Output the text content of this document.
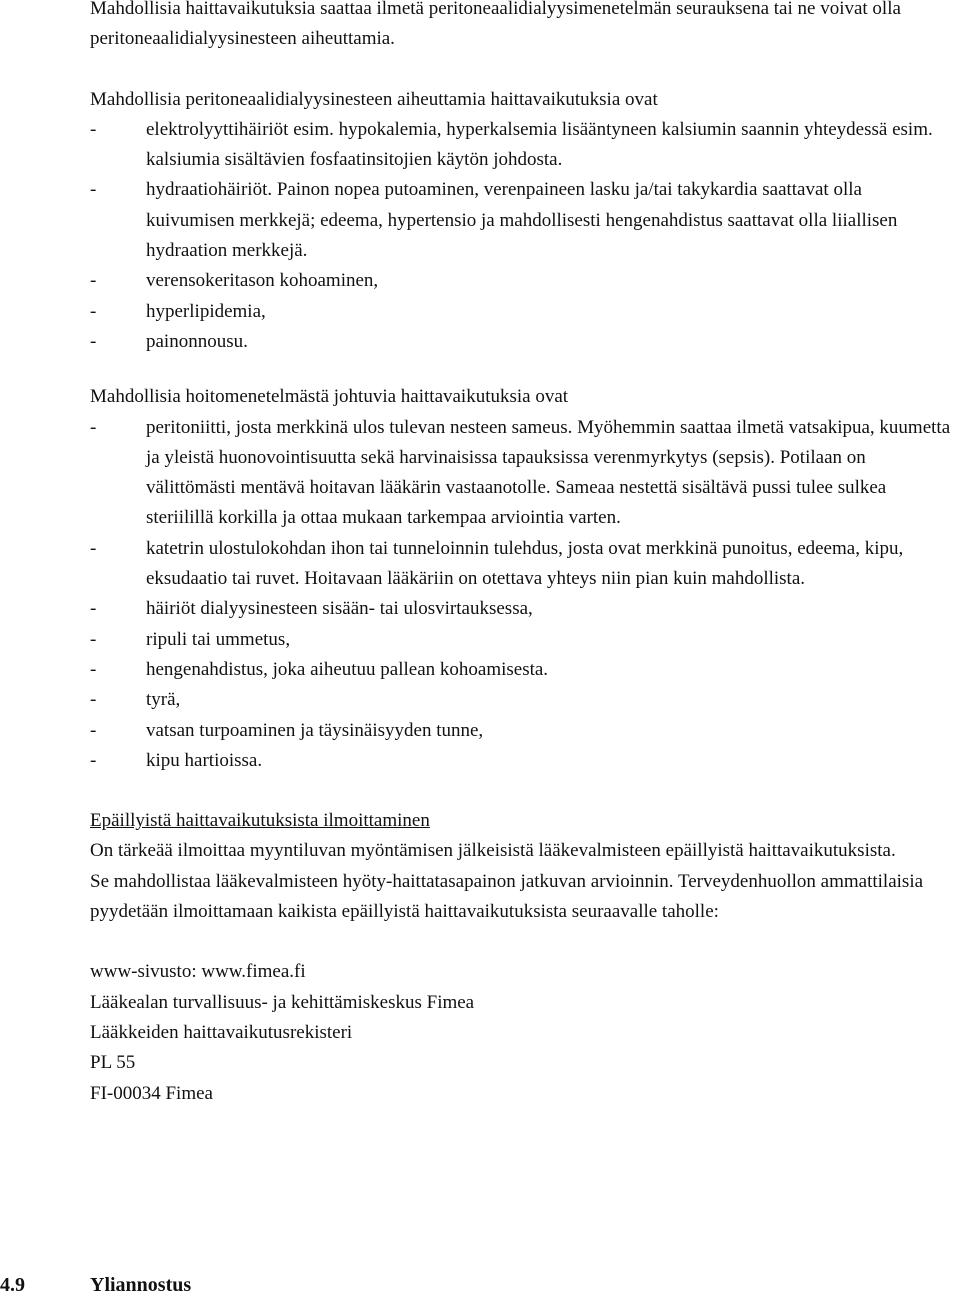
Mahdollisia haittavaikutuksia saattaa ilmetä peritoneaalidialyysimenetelmän seurauksena tai ne voivat olla peritoneaalidialyysinesteen aiheuttamia.

Mahdollisia peritoneaalidialyysinesteen aiheuttamia haittavaikutuksia ovat

-	elektrolyyttihäiriöt esim. hypokalemia, hyperkalsemia lisääntyneen kalsiumin saannin yhteydessä esim. kalsiumia sisältävien fosfaatinsitojien käytön johdosta.
-	hydraatiohäiriöt. Painon nopea putoaminen, verenpaineen lasku ja/tai takykardia saattavat olla kuivumisen merkkejä; edeema, hypertensio ja mahdollisesti hengenahdistus saattavat olla liiallisen hydraation merkkejä.
-	verensokeritason kohoaminen,
-	hyperlipidemia,
-	painonnousu.

Mahdollisia hoitomenetelmästä johtuvia haittavaikutuksia ovat

-	peritoniitti, josta merkkinä ulos tulevan nesteen sameus. Myöhemmin saattaa ilmetä vatsakipua, kuumetta ja yleistä huonovointisuutta sekä harvinaisissa tapauksissa verenmyrkytys (sepsis). Potilaan on välittömästi mentävä hoitavan lääkärin vastaanotolle. Sameaa nestettä sisältävä pussi tulee sulkea steriilillä korkilla ja ottaa mukaan tarkempaa arviointia varten.
-	katetrin ulostulokohdan ihon tai tunneloinnin tulehdus, josta ovat merkkinä punoitus, edeema, kipu, eksudaatio tai ruvet. Hoitavaan lääkäriin on otettava yhteys niin pian kuin mahdollista.
-	häiriöt dialyysinesteen sisään- tai ulosvirtauksessa,
-	ripuli tai ummetus,
-	hengenahdistus, joka aiheutuu pallean kohoamisesta.
-	tyrä,
-	vatsan turpoaminen ja täysinäisyyden tunne,
-	kipu hartioissa.

Epäillyistä haittavaikutuksista ilmoittaminen

On tärkeää ilmoittaa myyntiluvan myöntämisen jälkeisistä lääkevalmisteen epäillyistä haittavaikutuksista.

Se mahdollistaa lääkevalmisteen hyöty-haittatasapainon jatkuvan arvioinnin. Terveydenhuollon ammattilaisia pyydetään ilmoittamaan kaikista epäillyistä haittavaikutuksista seuraavalle taholle:

www-sivusto: www.fimea.fi

Lääkealan turvallisuus- ja kehittämiskeskus Fimea

Lääkkeiden haittavaikutusrekisteri

PL 55

FI-00034 Fimea

4.9	Yliannostus
